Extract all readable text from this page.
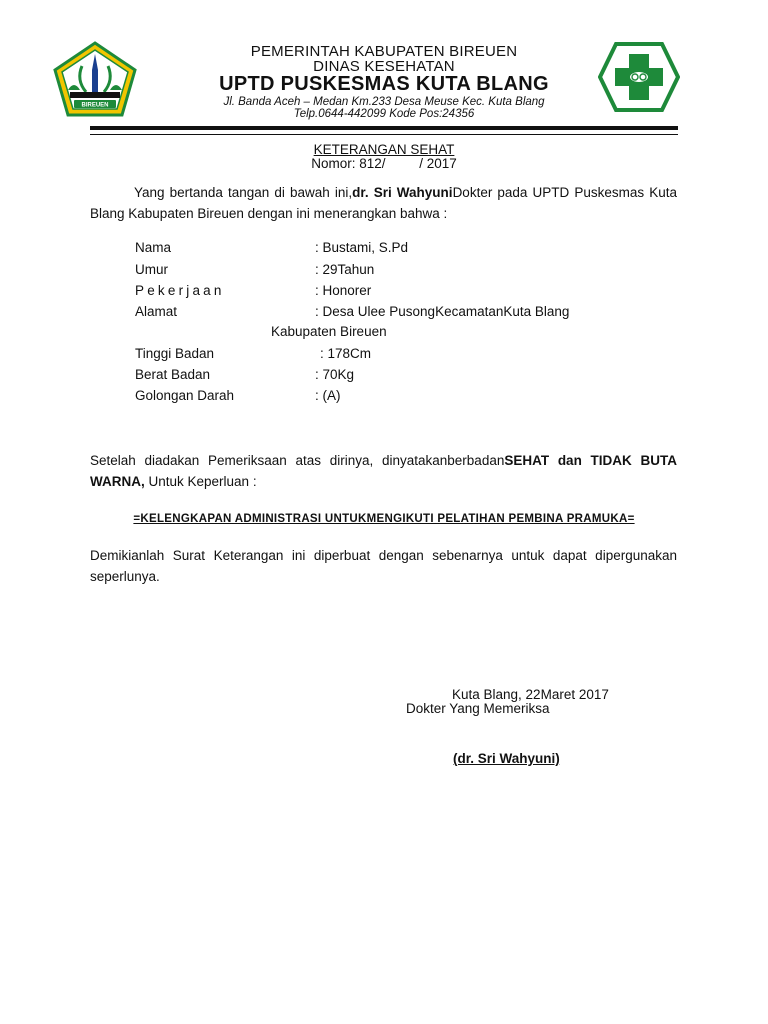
BIREUEN
PEMERINTAH KABUPATEN BIREUEN
DINAS KESEHATAN
UPTD PUSKESMAS KUTA BLANG
Jl. Banda Aceh – Medan Km.233 Desa Meuse Kec. Kuta Blang
Telp.0644-442099 Kode Pos:24356
KETERANGAN SEHAT
Nomor: 812/         / 2017
Yang bertanda tangan di bawah ini,dr. Sri WahyuniDokter pada UPTD Puskesmas Kuta Blang Kabupaten Bireuen dengan ini menerangkan bahwa :
Nama	: Bustami, S.Pd
Umur	: 29Tahun
Pekerjaan	: Honorer
Alamat	: Desa Ulee PusongKecamatanKuta Blang
Kabupaten Bireuen
Tinggi Badan	: 178Cm
Berat Badan	: 70Kg
Golongan Darah	: (A)
Setelah diadakan Pemeriksaan atas dirinya, dinyatakanberbadanSEHAT dan TIDAK BUTA WARNA, Untuk Keperluan :
=KELENGKAPAN ADMINISTRASI UNTUKMENGIKUTI PELATIHAN PEMBINA PRAMUKA=
Demikianlah Surat Keterangan ini diperbuat dengan sebenarnya untuk dapat dipergunakan seperlunya.
Kuta Blang, 22Maret 2017
Dokter Yang Memeriksa
(dr. Sri Wahyuni)
